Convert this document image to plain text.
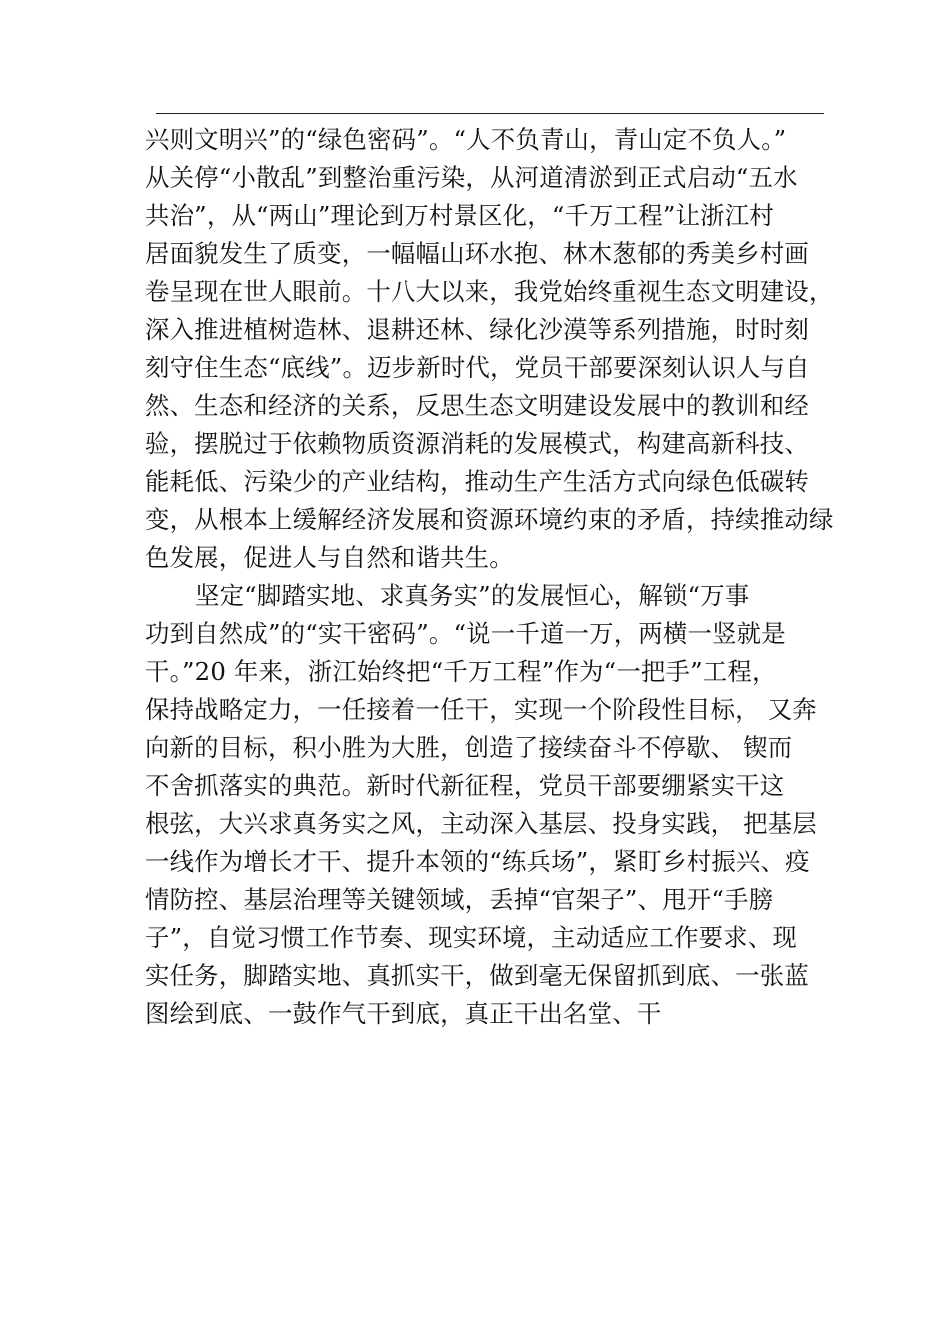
兴则文明兴”的“绿色密码”。“人不负青山，青山定不负人。”
从关停“小散乱”到整治重污染，从河道清淤到正式启动“五水
共治”，从“两山”理论到万村景区化，“千万工程”让浙江村
居面貌发生了质变，一幅幅山环水抱、林木葱郁的秀美乡村画
卷呈现在世人眼前。十八大以来，我党始终重视生态文明建设，
深入推进植树造林、退耕还林、绿化沙漠等系列措施，时时刻
刻守住生态“底线”。迈步新时代，党员干部要深刻认识人与自
然、生态和经济的关系，反思生态文明建设发展中的教训和经
验，摆脱过于依赖物质资源消耗的发展模式，构建高新科技、
能耗低、污染少的产业结构，推动生产生活方式向绿色低碳转
变，从根本上缓解经济发展和资源环境约束的矛盾，持续推动绿
色发展，促进人与自然和谐共生。
坚定“脚踏实地、求真务实”的发展恒心，解锁“万事
功到自然成”的“实干密码”。“说一千道一万，两横一竖就是
干。”20 年来，浙江始终把“千万工程”作为“一把手”工程，
保持战略定力，一任接着一任干，实现一个阶段性目标， 又奔
向新的目标，积小胜为大胜，创造了接续奋斗不停歇、 锲而
不舍抓落实的典范。新时代新征程，党员干部要绷紧实干这
根弦，大兴求真务实之风，主动深入基层、投身实践， 把基层
一线作为增长才干、提升本领的“练兵场”，紧盯乡村振兴、疫
情防控、基层治理等关键领域，丢掉“官架子”、甩开“手膀
子”，自觉习惯工作节奏、现实环境，主动适应工作要求、现
实任务，脚踏实地、真抓实干，做到毫无保留抓到底、一张蓝
图绘到底、一鼓作气干到底，真正干出名堂、干
